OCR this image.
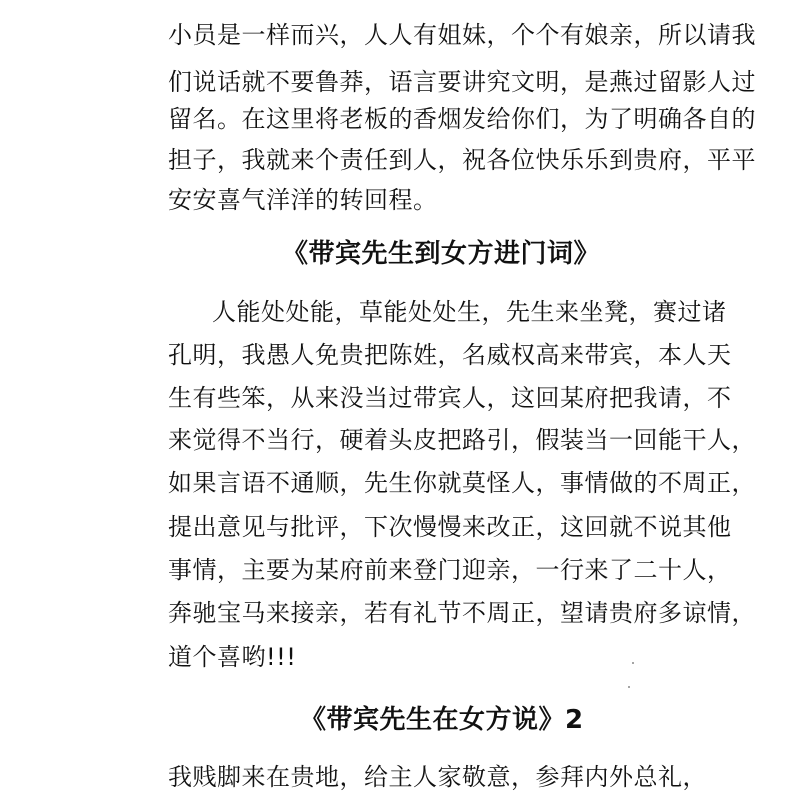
小员是一样而兴，人人有姐妹，个个有娘亲，所以请我
们说话就不要鲁莽，语言要讲究文明，是燕过留影人过
留名。在这里将老板的香烟发给你们，为了明确各自的
担子，我就来个责任到人，祝各位快乐乐到贵府，平平
安安喜气洋洋的转回程。
《带宾先生到女方进门词》
人能处处能，草能处处生，先生来坐凳，赛过诸
孔明，我愚人免贵把陈姓，名威权高来带宾，本人天
生有些笨，从来没当过带宾人，这回某府把我请，不
来觉得不当行，硬着头皮把路引，假装当一回能干人，
如果言语不通顺，先生你就莫怪人，事情做的不周正，
提出意见与批评，下次慢慢来改正，这回就不说其他
事情，主要为某府前来登门迎亲，一行来了二十人，
奔驰宝马来接亲，若有礼节不周正，望请贵府多谅情，
道个喜哟!!!
《带宾先生在女方说》2
我贱脚来在贵地，给主人家敬意，参拜内外总礼，
